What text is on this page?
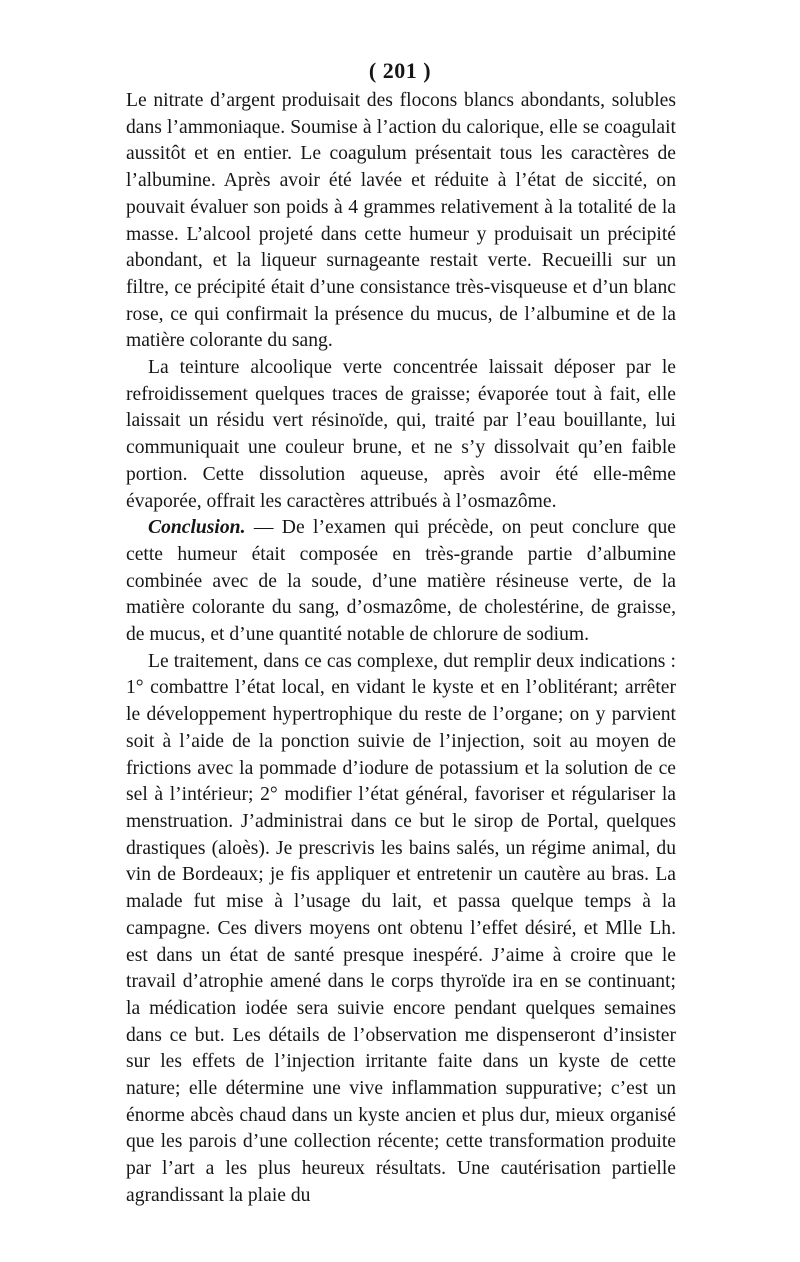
( 201 )

Le nitrate d’argent produisait des flocons blancs abondants, solubles dans l’ammoniaque. Soumise à l’action du calorique, elle se coagulait aussitôt et en entier. Le coagulum présentait tous les caractères de l’albumine. Après avoir été lavée et réduite à l’état de siccité, on pouvait évaluer son poids à 4 grammes relativement à la totalité de la masse. L’alcool projeté dans cette humeur y produisait un précipité abondant, et la liqueur surnageante restait verte. Recueilli sur un filtre, ce précipité était d’une consistance très-visqueuse et d’un blanc rose, ce qui confirmait la présence du mucus, de l’albumine et de la matière colorante du sang.

La teinture alcoolique verte concentrée laissait déposer par le refroidissement quelques traces de graisse; évaporée tout à fait, elle laissait un résidu vert résinoïde, qui, traité par l’eau bouillante, lui communiquait une couleur brune, et ne s’y dissolvait qu’en faible portion. Cette dissolution aqueuse, après avoir été elle-même évaporée, offrait les caractères attribués à l’osmazôme.

Conclusion. — De l’examen qui précède, on peut conclure que cette humeur était composée en très-grande partie d’albumine combinée avec de la soude, d’une matière résineuse verte, de la matière colorante du sang, d’osmazôme, de cholestérine, de graisse, de mucus, et d’une quantité notable de chlorure de sodium.

Le traitement, dans ce cas complexe, dut remplir deux indications : 1° combattre l’état local, en vidant le kyste et en l’oblitérant; arrêter le développement hypertrophique du reste de l’organe; on y parvient soit à l’aide de la ponction suivie de l’injection, soit au moyen de frictions avec la pommade d’iodure de potassium et la solution de ce sel à l’intérieur; 2° modifier l’état général, favoriser et régulariser la menstruation. J’administrai dans ce but le sirop de Portal, quelques drastiques (aloès). Je prescrivis les bains salés, un régime animal, du vin de Bordeaux; je fis appliquer et entretenir un cautère au bras. La malade fut mise à l’usage du lait, et passa quelque temps à la campagne. Ces divers moyens ont obtenu l’effet désiré, et Mlle Lh. est dans un état de santé presque inespéré. J’aime à croire que le travail d’atrophie amené dans le corps thyroïde ira en se continuant; la médication iodée sera suivie encore pendant quelques semaines dans ce but. Les détails de l’observation me dispenseront d’insister sur les effets de l’injection irritante faite dans un kyste de cette nature; elle détermine une vive inflammation suppurative; c’est un énorme abcès chaud dans un kyste ancien et plus dur, mieux organisé que les parois d’une collection récente; cette transformation produite par l’art a les plus heureux résultats. Une cautérisation partielle agrandissant la plaie du
